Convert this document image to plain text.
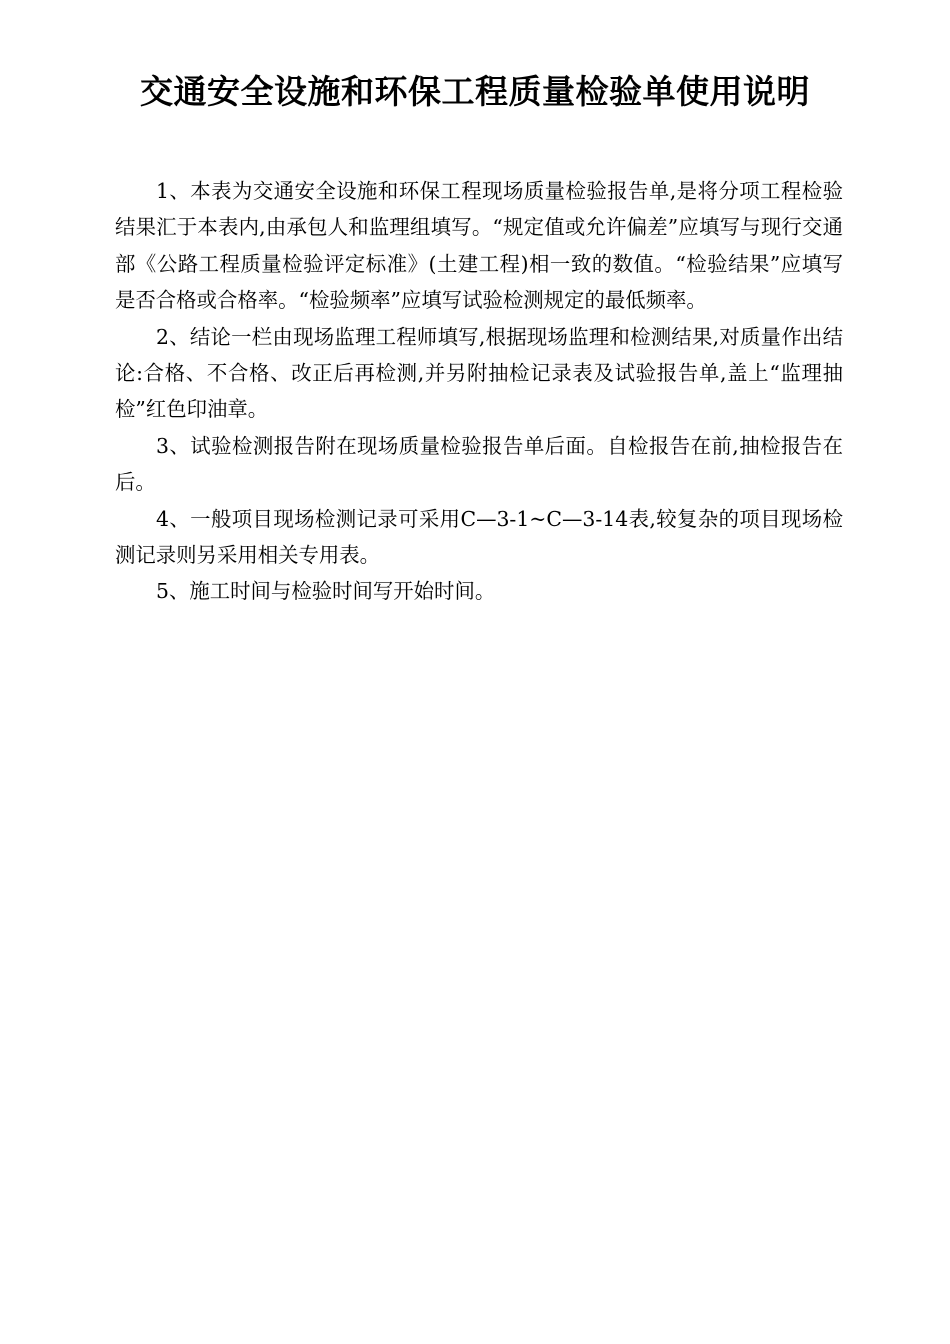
交通安全设施和环保工程质量检验单使用说明

1、本表为交通安全设施和环保工程现场质量检验报告单,是将分项工程检验结果汇于本表内,由承包人和监理组填写。“规定值或允许偏差”应填写与现行交通部《公路工程质量检验评定标准》(土建工程)相一致的数值。“检验结果”应填写是否合格或合格率。“检验频率”应填写试验检测规定的最低频率。

2、结论一栏由现场监理工程师填写,根据现场监理和检测结果,对质量作出结论:合格、不合格、改正后再检测,并另附抽检记录表及试验报告单,盖上“监理抽检”红色印油章。

3、试验检测报告附在现场质量检验报告单后面。自检报告在前,抽检报告在后。

4、一般项目现场检测记录可采用C—3-1~C—3-14表,较复杂的项目现场检测记录则另采用相关专用表。

5、施工时间与检验时间写开始时间。
